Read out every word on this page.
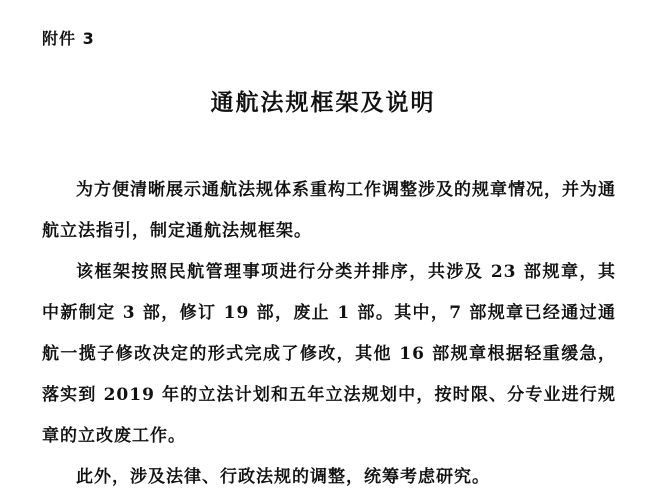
附件 3
通航法规框架及说明

为方便清晰展示通航法规体系重构工作调整涉及的规章情况，并为通航立法指引，制定通航法规框架。

该框架按照民航管理事项进行分类并排序，共涉及 23 部规章，其中新制定 3 部，修订 19 部，废止 1 部。其中，7 部规章已经通过通航一揽子修改决定的形式完成了修改，其他 16 部规章根据轻重缓急，落实到 2019 年的立法计划和五年立法规划中，按时限、分专业进行规章的立改废工作。

此外，涉及法律、行政法规的调整，统筹考虑研究。
